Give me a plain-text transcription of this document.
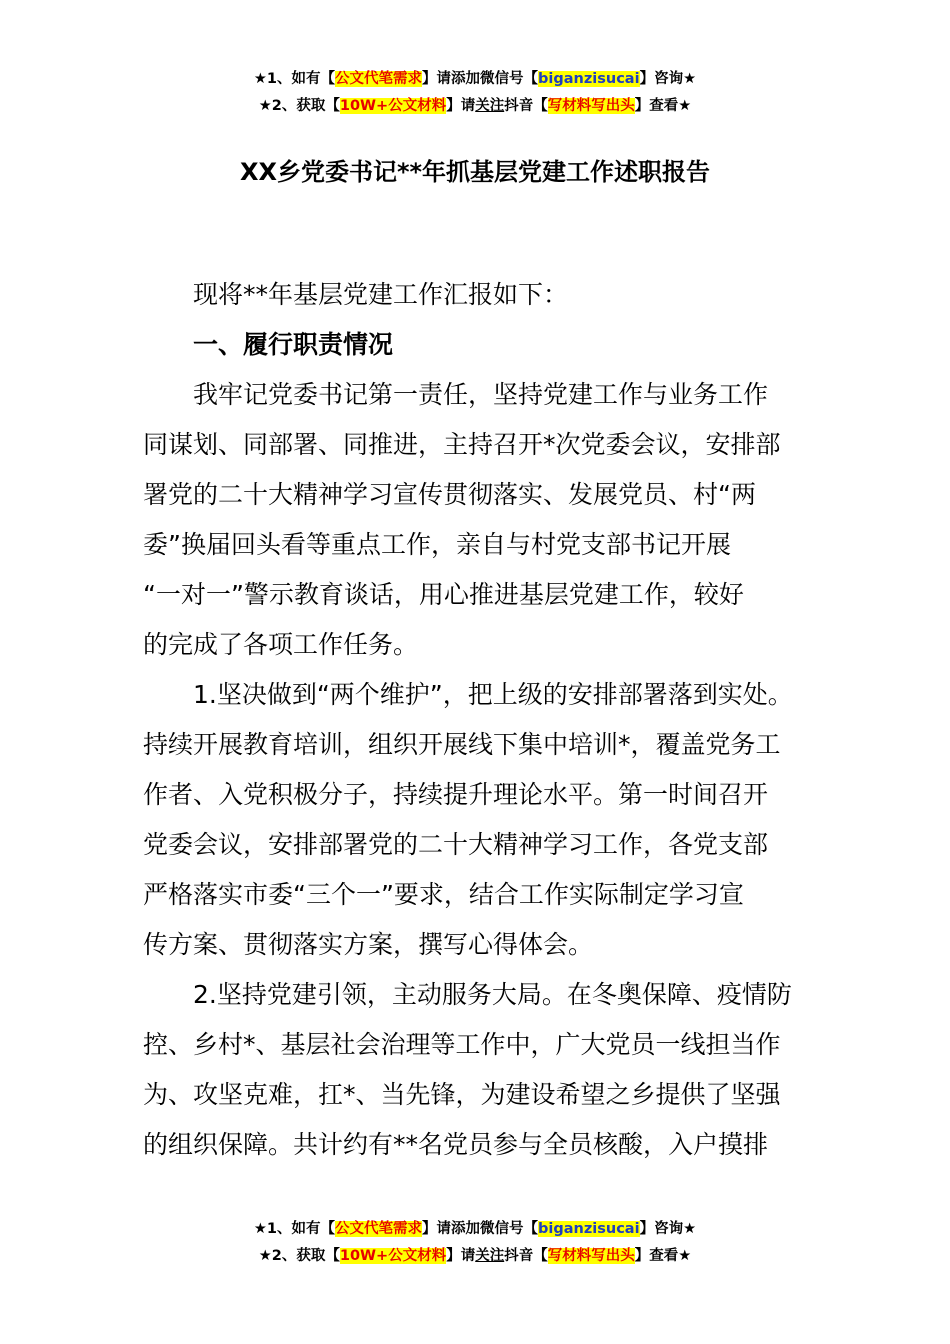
★1、如有【公文代笔需求】请添加微信号【biganzisucai】咨询★
★2、获取【10W+公文材料】请关注抖音【写材料写出头】查看★
XX乡党委书记**年抓基层党建工作述职报告
现将**年基层党建工作汇报如下：
一、履行职责情况
我牢记党委书记第一责任，坚持党建工作与业务工作
同谋划、同部署、同推进，主持召开*次党委会议，安排部
署党的二十大精神学习宣传贯彻落实、发展党员、村“两
委”换届回头看等重点工作，亲自与村党支部书记开展
“一对一”警示教育谈话，用心推进基层党建工作，较好
的完成了各项工作任务。
1.坚决做到“两个维护”，把上级的安排部署落到实处。
持续开展教育培训，组织开展线下集中培训*，覆盖党务工
作者、入党积极分子，持续提升理论水平。第一时间召开
党委会议，安排部署党的二十大精神学习工作，各党支部
严格落实市委“三个一”要求，结合工作实际制定学习宣
传方案、贯彻落实方案，撰写心得体会。
2.坚持党建引领，主动服务大局。在冬奥保障、疫情防
控、乡村*、基层社会治理等工作中，广大党员一线担当作
为、攻坚克难，扛*、当先锋，为建设希望之乡提供了坚强
的组织保障。共计约有**名党员参与全员核酸，入户摸排
★1、如有【公文代笔需求】请添加微信号【biganzisucai】咨询★
★2、获取【10W+公文材料】请关注抖音【写材料写出头】查看★
